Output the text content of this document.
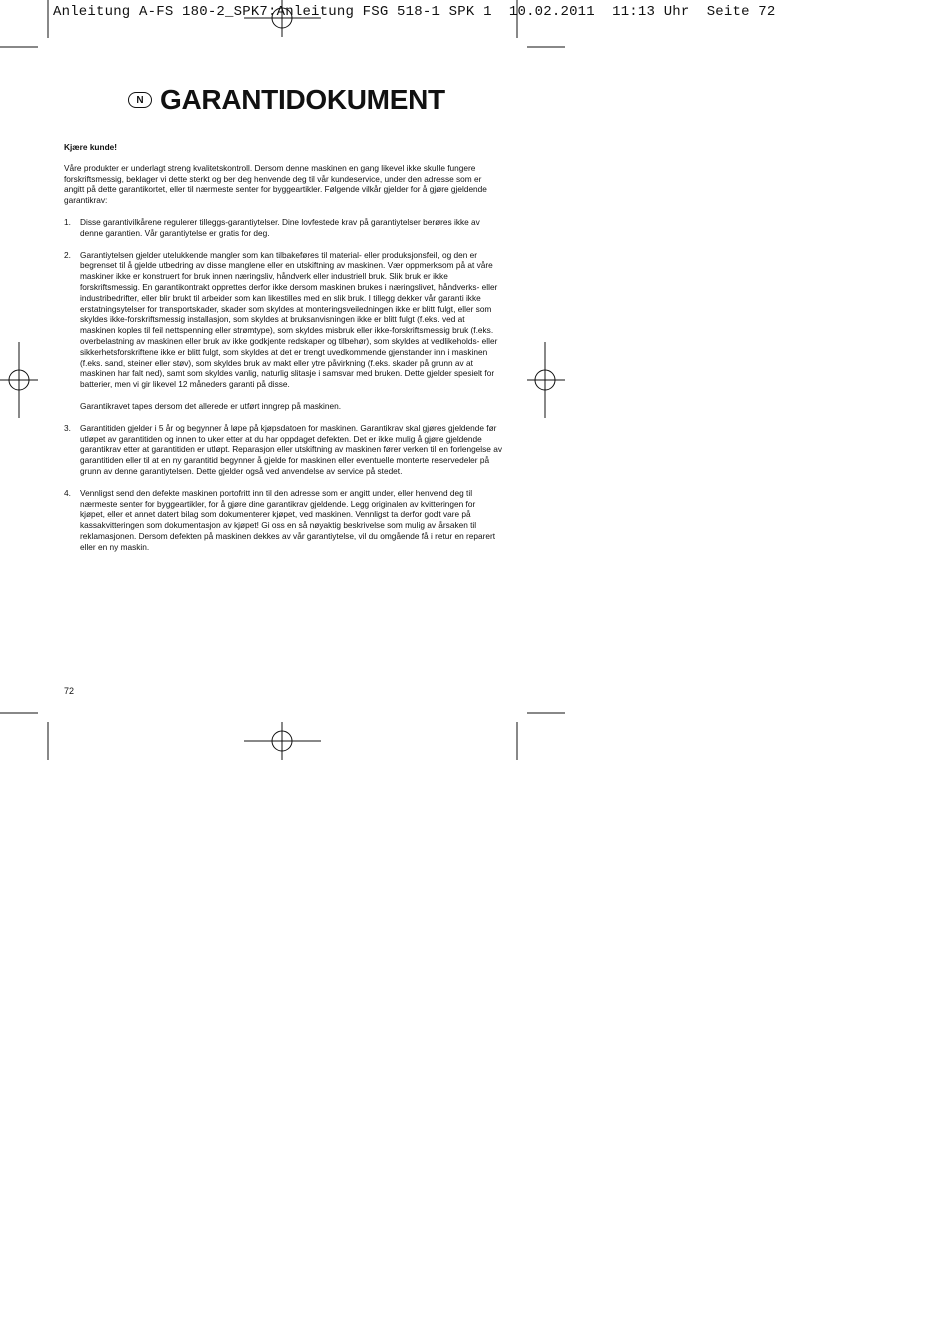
Anleitung A-FS 180-2_SPK7:Anleitung FSG 518-1 SPK 1  10.02.2011  11:13 Uhr  Seite 72
N GARANTIDOKUMENT

Kjære kunde!

Våre produkter er underlagt streng kvalitetskontroll. Dersom denne maskinen en gang likevel ikke skulle fungere forskriftsmessig, beklager vi dette sterkt og ber deg henvende deg til vår kundeservice, under den adresse som er angitt på dette garantikortet, eller til nærmeste senter for byggeartikler. Følgende vilkår gjelder for å gjøre gjeldende garantikrav:

1.	Disse garantivilkårene regulerer tilleggs-garantiytelser. Dine lovfestede krav på garantiytelser berøres ikke av denne garantien. Vår garantiytelse er gratis for deg.

2.	Garantiytelsen gjelder utelukkende mangler som kan tilbakeføres til material- eller produksjonsfeil, og den er begrenset til å gjelde utbedring av disse manglene eller en utskiftning av maskinen. Vær oppmerksom på at våre maskiner ikke er konstruert for bruk innen næringsliv, håndverk eller industriell bruk. Slik bruk er ikke forskriftsmessig. En garantikontrakt opprettes derfor ikke dersom maskinen brukes i næringslivet, håndverks- eller industribedrifter, eller blir brukt til arbeider som kan likestilles med en slik bruk. I tillegg dekker vår garanti ikke erstatningsytelser for transportskader, skader som skyldes at monteringsveiledningen ikke er blitt fulgt, eller som skyldes ikke-forskriftsmessig installasjon, som skyldes at bruksanvisningen ikke er blitt fulgt (f.eks. ved at maskinen koples til feil nettspenning eller strømtype), som skyldes misbruk eller ikke-forskriftsmessig bruk (f.eks. overbelastning av maskinen eller bruk av ikke godkjente redskaper og tilbehør), som skyldes at vedlikeholds- eller sikkerhetsforskriftene ikke er blitt fulgt, som skyldes at det er trengt uvedkommende gjenstander inn i maskinen (f.eks. sand, steiner eller støv), som skyldes bruk av makt eller ytre påvirkning (f.eks. skader på grunn av at maskinen har falt ned), samt som skyldes vanlig, naturlig slitasje i samsvar med bruken. Dette gjelder spesielt for batterier, men vi gir likevel 12 måneders garanti på disse.

Garantikravet tapes dersom det allerede er utført inngrep på maskinen.

3.	Garantitiden gjelder i 5 år og begynner å løpe på kjøpsdatoen for maskinen. Garantikrav skal gjøres gjeldende før utløpet av garantitiden og innen to uker etter at du har oppdaget defekten. Det er ikke mulig å gjøre gjeldende garantikrav etter at garantitiden er utløpt. Reparasjon eller utskiftning av maskinen fører verken til en forlengelse av garantitiden eller til at en ny garantitid begynner å gjelde for maskinen eller eventuelle monterte reservedeler på grunn av denne garantiytelsen. Dette gjelder også ved anvendelse av service på stedet.

4.	Vennligst send den defekte maskinen portofritt inn til den adresse som er angitt under, eller henvend deg til nærmeste senter for byggeartikler, for å gjøre dine garantikrav gjeldende. Legg originalen av kvitteringen for kjøpet, eller et annet datert bilag som dokumenterer kjøpet, ved maskinen. Vennligst ta derfor godt vare på kassakvitteringen som dokumentasjon av kjøpet! Gi oss en så nøyaktig beskrivelse som mulig av årsaken til reklamasjonen. Dersom defekten på maskinen dekkes av vår garantiytelse, vil du omgående få i retur en reparert eller en ny maskin.

72
